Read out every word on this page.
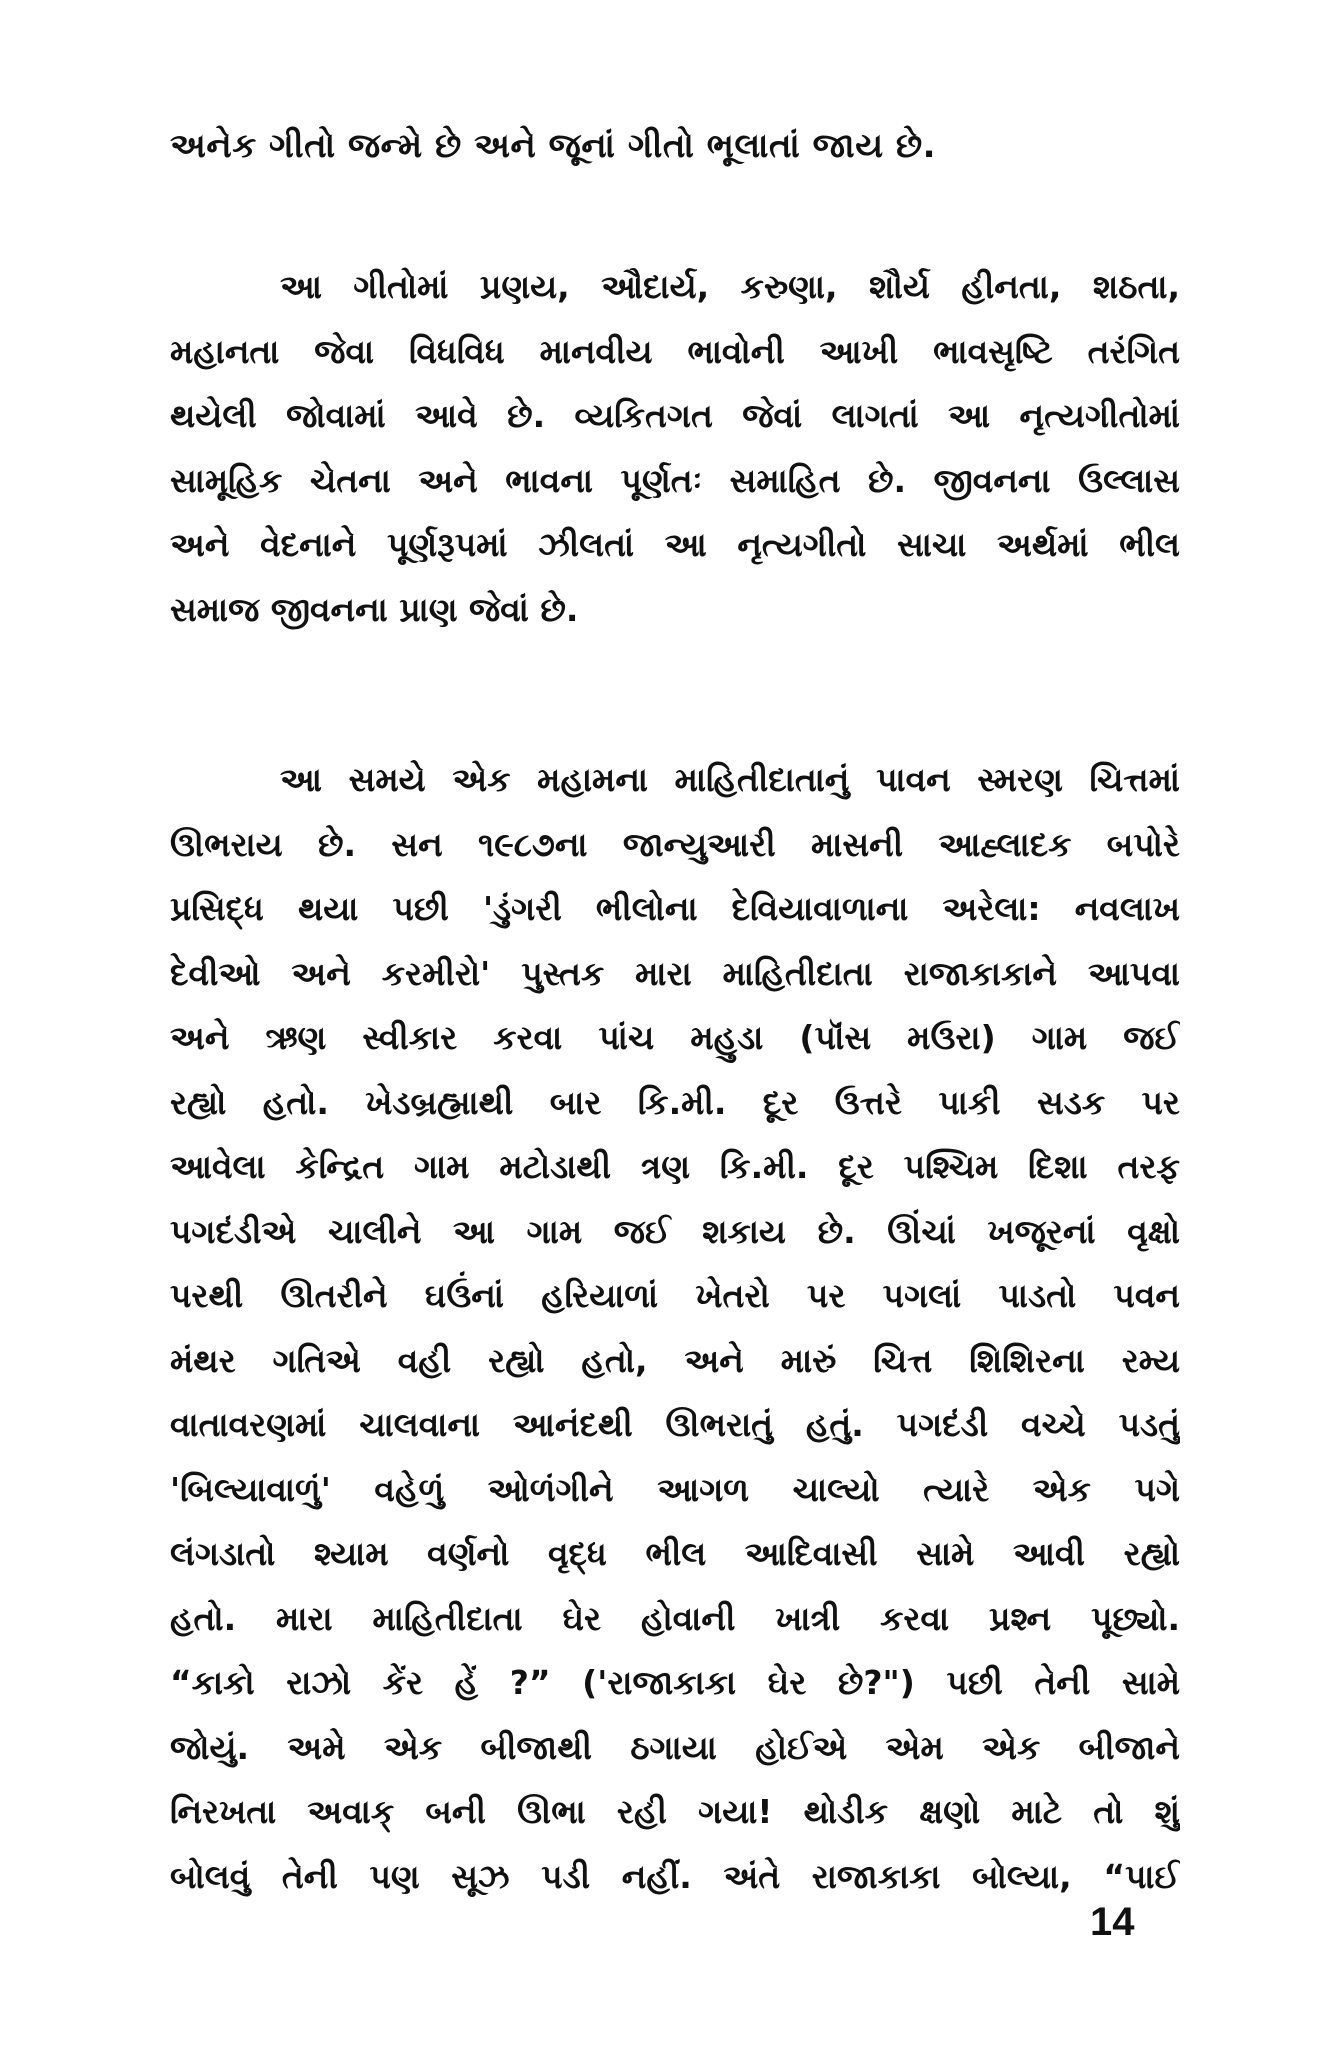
અનેક ગીતો જન્મે છે અને જૂનાં ગીતો ભૂલાતાં જાય છે.
આ ગીતોમાં પ્રણય, ઔદાર્ય, કરુણા, શૌર્ય હીનતા, શઠતા,
મહાનતા જેવા વિધવિધ માનવીય ભાવોની આખી ભાવસૃષ્ટિ તરંગિત
થયેલી જોવામાં આવે છે. વ્યકિતગત જેવાં લાગતાં આ નૃત્યગીતોમાં
સામૂહિક ચેતના અને ભાવના પૂર્ણતઃ સમાહિત છે. જીવનના ઉલ્લાસ
અને વેદનાને પૂર્ણરૂપમાં ઝીલતાં આ નૃત્યગીતો સાચા અર્થમાં ભીલ
સમાજ જીવનના પ્રાણ જેવાં છે.
આ સમયે એક મહામના માહિતીદાતાનું પાવન સ્મરણ ચિત્તમાં
ઊભરાય છે. સન ૧૯૮૭ના જાન્યુઆરી માસની આહ્લાદક બપોરે
પ્રસિદ્ધ થયા પછી 'ડુંગરી ભીલોના દેવિયાવાળાના અરેલા: નવલાખ
દેવીઓ અને કરમીરો' પુસ્તક મારા માહિતીદાતા રાજાકાકાને આપવા
અને ઋણ સ્વીકાર કરવા પાંચ મહુડા (પૉંસ મઉરા) ગામ જઈ
રહ્યો હતો. ખેડબ્રહ્માથી બાર કિ.મી. દૂર ઉત્તરે પાકી સડક પર
આવેલા કેન્દ્રિત ગામ મટોડાથી ત્રણ કિ.મી. દૂર પશ્ચિમ દિશા તરફ
પગદંડીએ ચાલીને આ ગામ જઈ શકાય છે. ઊંચાં ખજૂરનાં વૃક્ષો
પરથી ઊતરીને ઘઉંનાં હરિયાળાં ખેતરો પર પગલાં પાડતો પવન
મંથર ગતિએ વહી રહ્યો હતો, અને મારું ચિત્ત શિશિરના રમ્ય
વાતાવરણમાં ચાલવાના આનંદથી ઊભરાતું હતું. પગદંડી વચ્ચે પડતું
'બિલ્યાવાળું' વહેળું ઓળંગીને આગળ ચાલ્યો ત્યારે એક પગે
લંગડાતો શ્યામ વર્ણનો વૃદ્ધ ભીલ આદિવાસી સામે આવી રહ્યો
હતો. મારા માહિતીદાતા ઘેર હોવાની ખાત્રી કરવા પ્રશ્ન પૂછ્યો.
“કાકો રાઝો કેંર હેં ?” ('રાજાકાકા ઘેર છે?") પછી તેની સામે
જોયું. અમે એક બીજાથી ઠગાયા હોઈએ એમ એક બીજાને
નિરખતા અવાક્ બની ઊભા રહી ગયા! થોડીક ક્ષણો માટે તો શું
બોલવું તેની પણ સૂઝ પડી નહીં. અંતે રાજાકાકા બોલ્યા, “પાઈ
14
